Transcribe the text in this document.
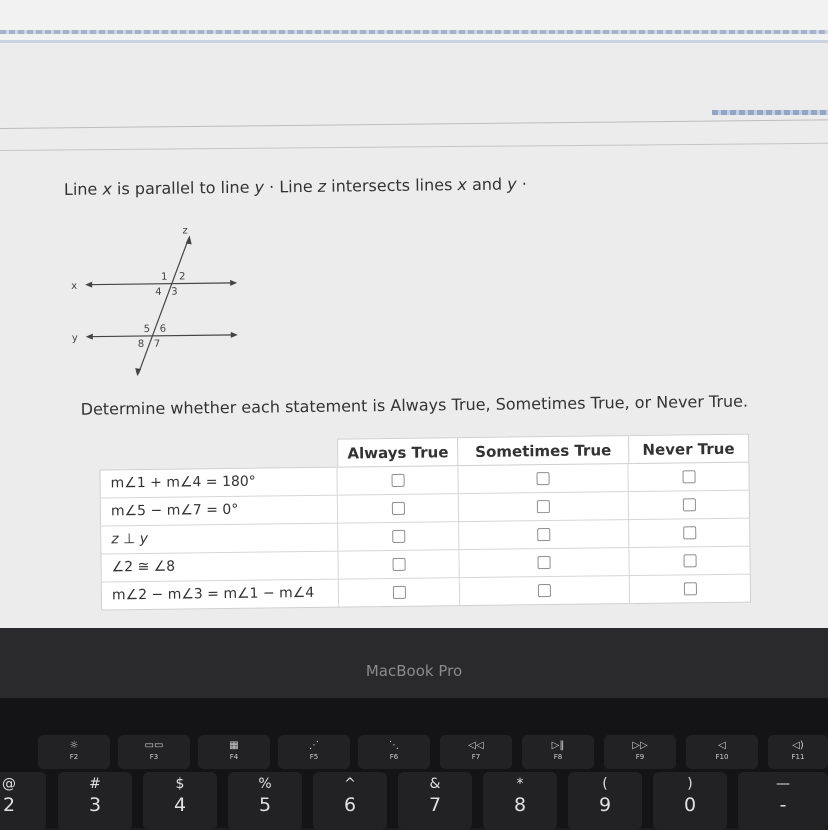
Line x is parallel to line y · Line z intersects lines x and y ·
x
y
z
1 2
3
4
5 6
7
8
Determine whether each statement is Always True, Sometimes True, or Never True.
Always True	Sometimes True	Never True
m∠1 + m∠4 = 180°
m∠5 − m∠7 = 0°
z ⊥ y
∠2 ≅ ∠8
m∠2 − m∠3 = m∠1 − m∠4
MacBook Pro
☼
F2
▭▭
F3
▦
F4
⋰
F5
⋱
F6
◁◁
F7
▷‖
F8
▷▷
F9
◁
F10
◁)
F11
@
2
#
3
$
4
%
5
^
6
&
7
*
8
(
9
)
0
—
-
